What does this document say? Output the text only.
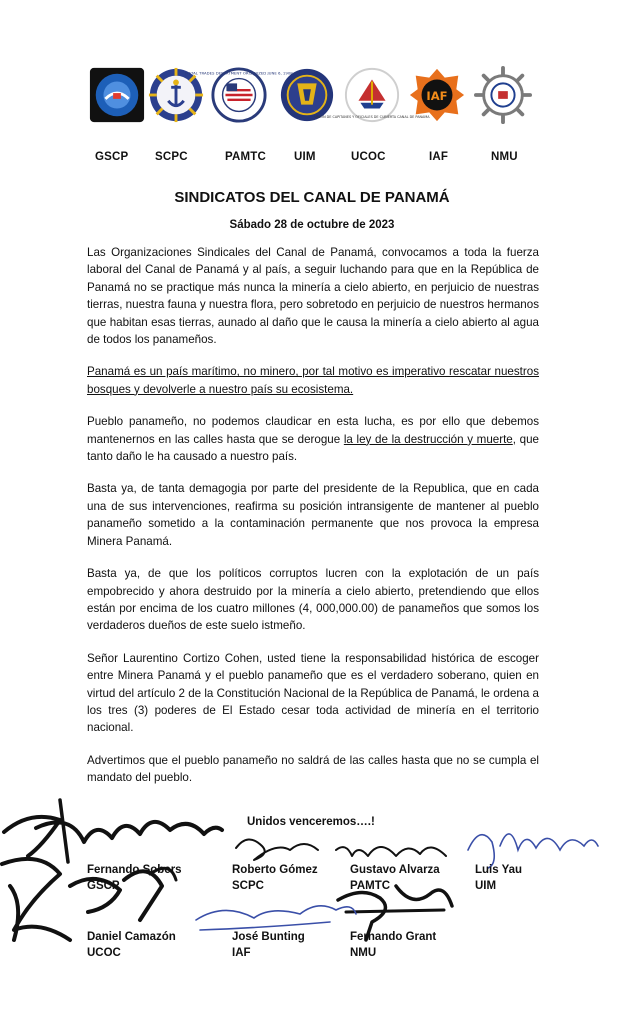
METAL TRADES DEPARTMENT ORGANIZED JUNE 6, 1908
UNION DE CAPITANES Y OFICIALES DE CUBIERTA CANAL DE PANAMA
IAF
GSCP SCPC	PAMTC UIM	UCOC	IAF	NMU
SINDICATOS DEL CANAL DE PANAMÁ
Sábado 28 de octubre de 2023

Las Organizaciones Sindicales del Canal de Panamá, convocamos a toda la fuerza laboral del Canal de Panamá y al país, a seguir luchando para que en la República de Panamá no se practique más nunca la minería a cielo abierto, en perjuicio de nuestras tierras, nuestra fauna y nuestra flora, pero sobretodo en perjuicio de nuestros hermanos que habitan esas tierras, aunado al daño que le causa la minería a cielo abierto al agua de todos los panameños.

Panamá es un país marítimo, no minero, por tal motivo es imperativo rescatar nuestros bosques y devolverle a nuestro país su ecosistema.

Pueblo panameño, no podemos claudicar en esta lucha, es por ello que debemos mantenernos en las calles hasta que se derogue la ley de la destrucción y muerte, que tanto daño le ha causado a nuestro país.

Basta ya, de tanta demagogia por parte del presidente de la Republica, que en cada una de sus intervenciones, reafirma su posición intransigente de mantener al pueblo panameño sometido a la contaminación permanente que nos provoca la empresa Minera Panamá.

Basta ya, de que los políticos corruptos lucren con la explotación de un país empobrecido y ahora destruido por la minería a cielo abierto, pretendiendo que ellos están por encima de los cuatro millones (4, 000,000.00) de panameños que somos los verdaderos dueños de este suelo istmeño.

Señor Laurentino Cortizo Cohen, usted tiene la responsabilidad histórica de escoger entre Minera Panamá y el pueblo panameño que es el verdadero soberano, quien en virtud del artículo 2 de la Constitución Nacional de la República de Panamá, le ordena a los tres (3) poderes de El Estado cesar toda actividad de minería en el territorio nacional.

Advertimos que el pueblo panameño no saldrá de las calles hasta que no se cumpla el mandato del pueblo.

Unidos venceremos….!
Fernando Sobers
GSCP
Roberto Gómez
SCPC
Gustavo Alvarza
PAMTC
Luis Yau
UIM
Daniel Camazón
UCOC
José Bunting
IAF
Fernando Grant
NMU
